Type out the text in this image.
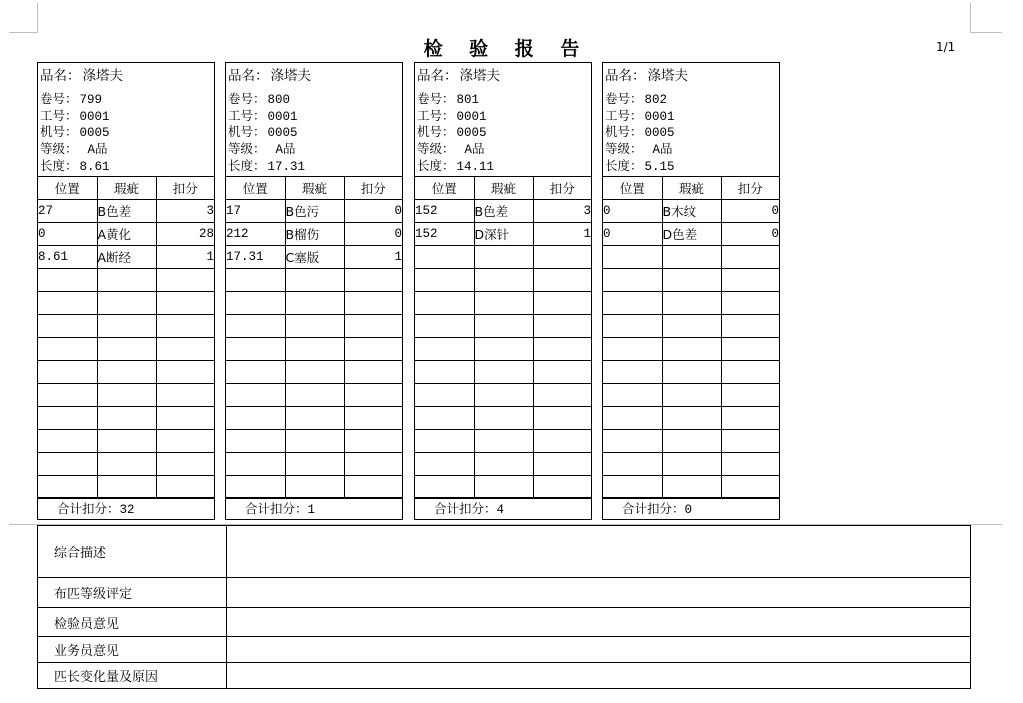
检 验 报 告	1/1
品名： 涤塔夫
卷号： 799
工号： 0001
机号： 0005
等级： A品
长度： 8.61
位置	瑕疵	扣分
27	B色差	3
0	A黄化	28
8.61	A断经	1

合计扣分：32
品名： 涤塔夫
卷号： 800
工号： 0001
机号： 0005
等级： A品
长度： 17.31
位置	瑕疵	扣分
17	B色污	0
212	B榴伤	0
17.31	C塞版	1

合计扣分：1
品名： 涤塔夫
卷号： 801
工号： 0001
机号： 0005
等级： A品
长度： 14.11
位置	瑕疵	扣分
152	B色差	3
152	D深针	1

合计扣分：4
品名： 涤塔夫
卷号： 802
工号： 0001
机号： 0005
等级： A品
长度： 5.15
位置	瑕疵	扣分
0	B木纹	0
0	D色差	0

合计扣分：0
综合描述	
布匹等级评定	
检验员意见	
业务员意见	
匹长变化量及原因	
